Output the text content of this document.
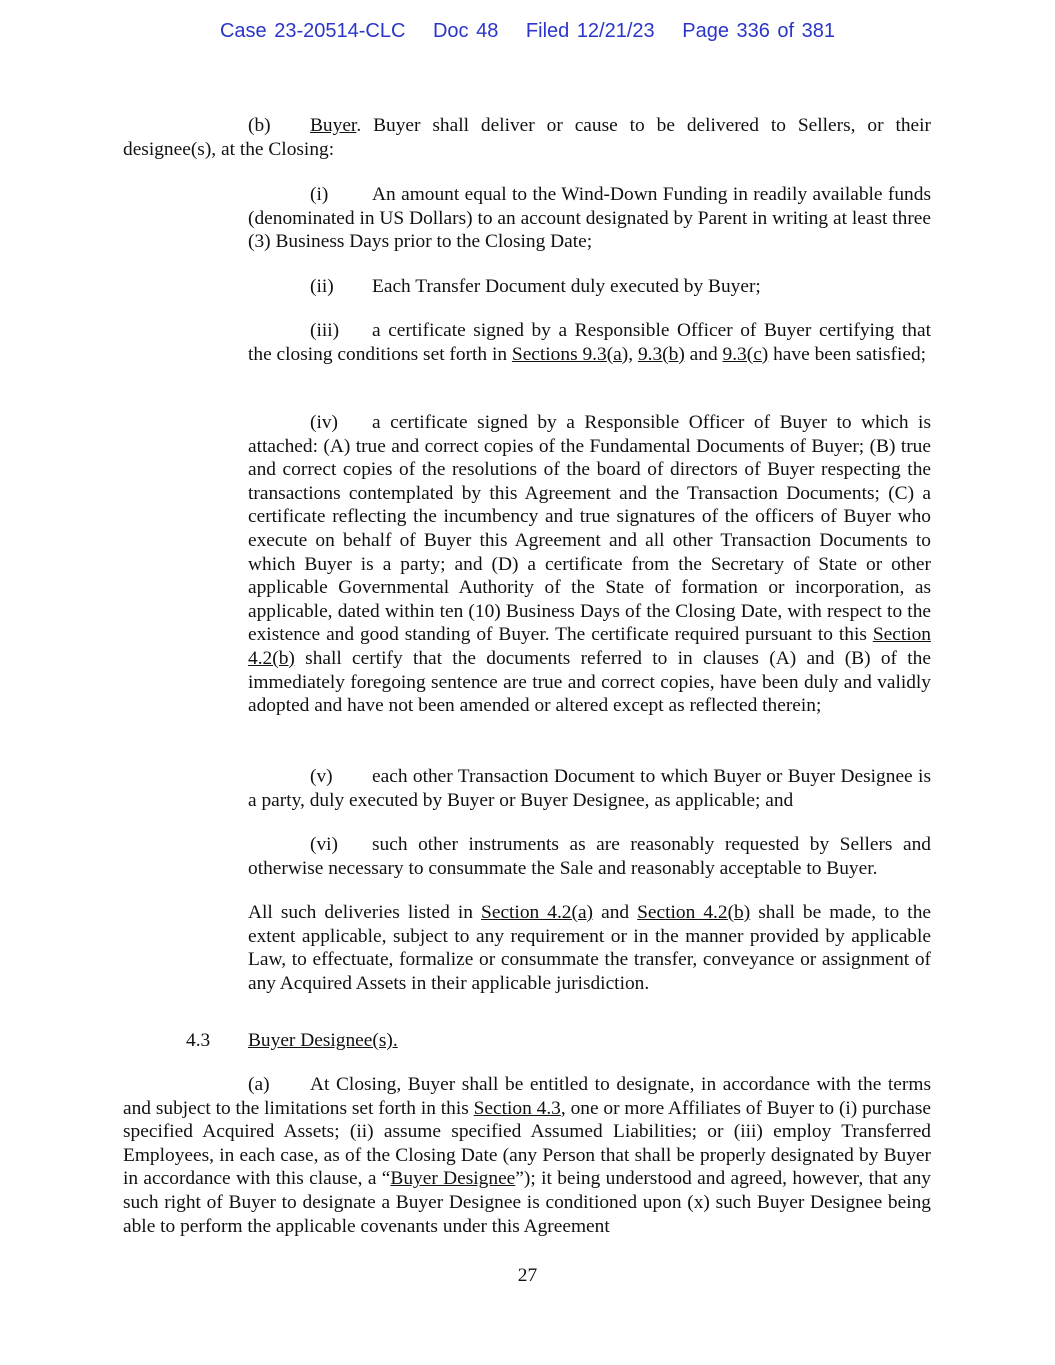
Case 23-20514-CLC Doc 48 Filed 12/21/23 Page 336 of 381

(b) Buyer. Buyer shall deliver or cause to be delivered to Sellers, or their designee(s), at the Closing:

(i) An amount equal to the Wind-Down Funding in readily available funds (denominated in US Dollars) to an account designated by Parent in writing at least three (3) Business Days prior to the Closing Date;

(ii) Each Transfer Document duly executed by Buyer;

(iii) a certificate signed by a Responsible Officer of Buyer certifying that the closing conditions set forth in Sections 9.3(a), 9.3(b) and 9.3(c) have been satisfied;

(iv) a certificate signed by a Responsible Officer of Buyer to which is attached: (A) true and correct copies of the Fundamental Documents of Buyer; (B) true and correct copies of the resolutions of the board of directors of Buyer respecting the transactions contemplated by this Agreement and the Transaction Documents; (C) a certificate reflecting the incumbency and true signatures of the officers of Buyer who execute on behalf of Buyer this Agreement and all other Transaction Documents to which Buyer is a party; and (D) a certificate from the Secretary of State or other applicable Governmental Authority of the State of formation or incorporation, as applicable, dated within ten (10) Business Days of the Closing Date, with respect to the existence and good standing of Buyer. The certificate required pursuant to this Section 4.2(b) shall certify that the documents referred to in clauses (A) and (B) of the immediately foregoing sentence are true and correct copies, have been duly and validly adopted and have not been amended or altered except as reflected therein;

(v) each other Transaction Document to which Buyer or Buyer Designee is a party, duly executed by Buyer or Buyer Designee, as applicable; and

(vi) such other instruments as are reasonably requested by Sellers and otherwise necessary to consummate the Sale and reasonably acceptable to Buyer.

All such deliveries listed in Section 4.2(a) and Section 4.2(b) shall be made, to the extent applicable, subject to any requirement or in the manner provided by applicable Law, to effectuate, formalize or consummate the transfer, conveyance or assignment of any Acquired Assets in their applicable jurisdiction.

4.3 Buyer Designee(s).

(a) At Closing, Buyer shall be entitled to designate, in accordance with the terms and subject to the limitations set forth in this Section 4.3, one or more Affiliates of Buyer to (i) purchase specified Acquired Assets; (ii) assume specified Assumed Liabilities; or (iii) employ Transferred Employees, in each case, as of the Closing Date (any Person that shall be properly designated by Buyer in accordance with this clause, a “Buyer Designee”); it being understood and agreed, however, that any such right of Buyer to designate a Buyer Designee is conditioned upon (x) such Buyer Designee being able to perform the applicable covenants under this Agreement

27
